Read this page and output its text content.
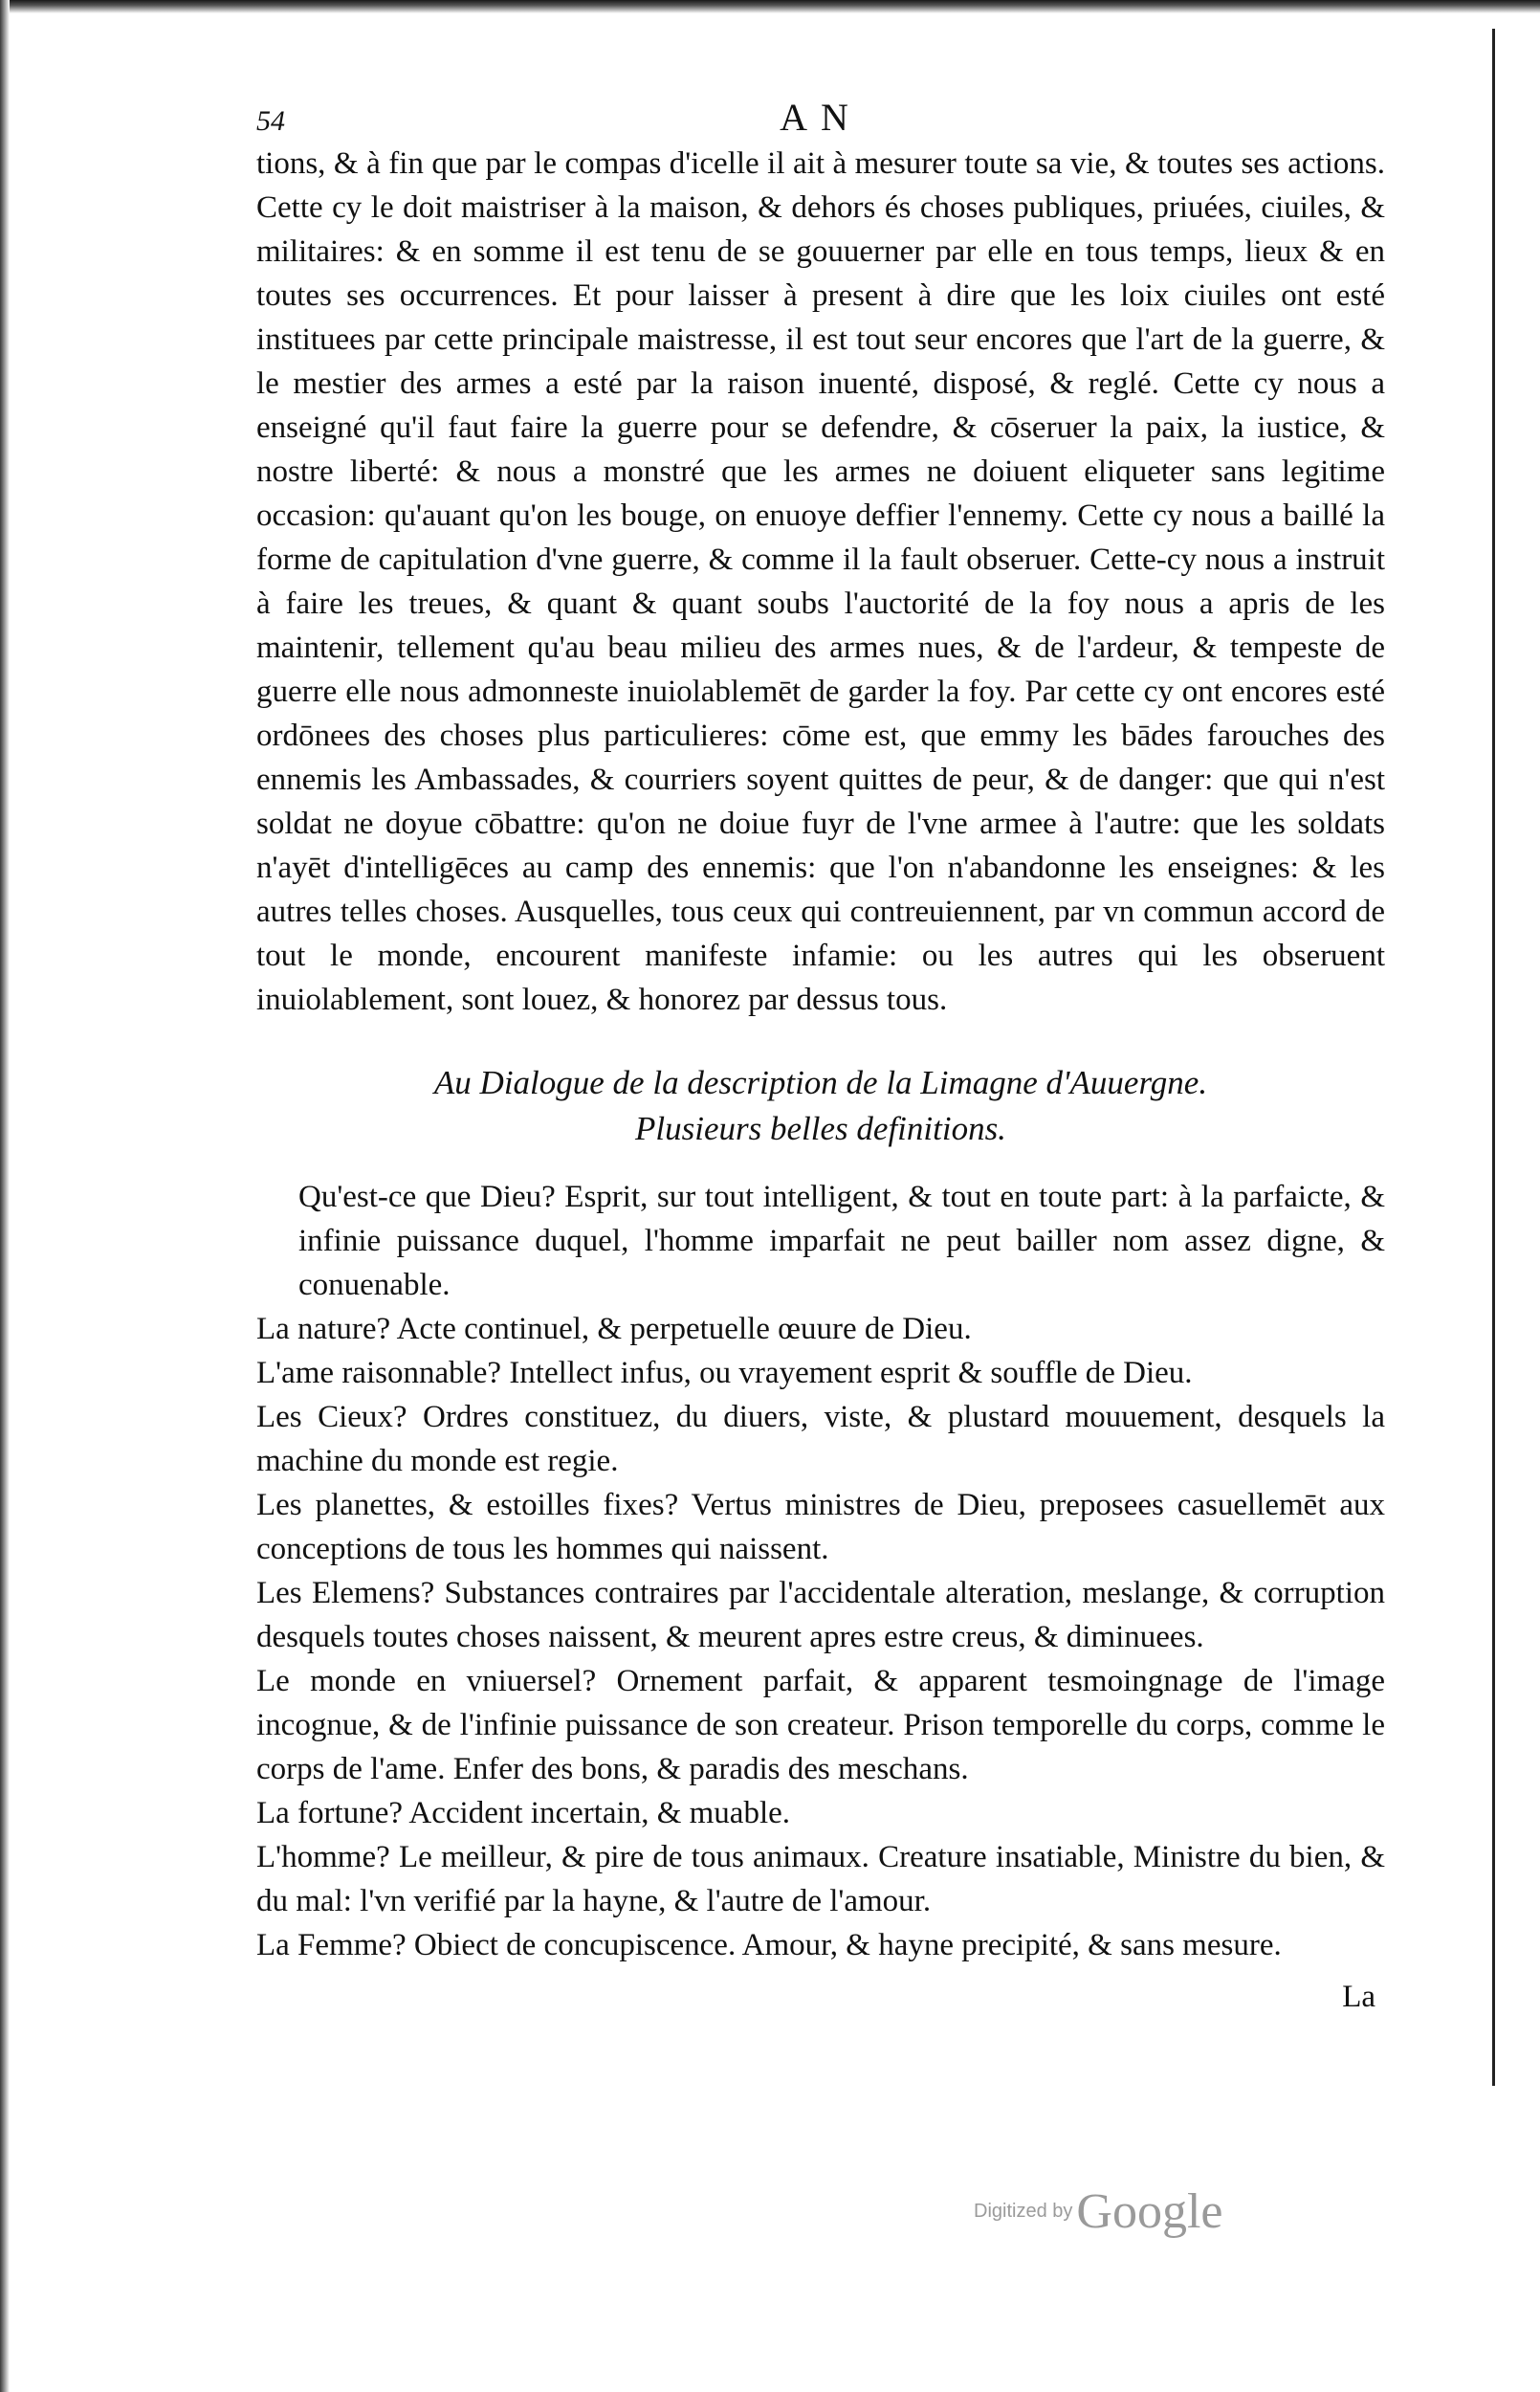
54	AN

tions, & à fin que par le compas d'icelle il ait à mesurer toute sa vie, & toutes ses actions. Cette cy le doit maistriser à la maison, & dehors és choses publiques, priuées, ciuiles, & militaires: & en somme il est tenu de se gouuerner par elle en tous temps, lieux & en toutes ses occurrences. Et pour laisser à present à dire que les loix ciuiles ont esté instituees par cette principale maistresse, il est tout seur encores que l'art de la guerre, & le mestier des armes a esté par la raison inuenté, disposé, & reglé. Cette cy nous a enseigné qu'il faut faire la guerre pour se defendre, & cōseruer la paix, la iustice, & nostre liberté: & nous a monstré que les armes ne doiuent eliqueter sans legitime occasion: qu'auant qu'on les bouge, on enuoye deffier l'ennemy. Cette cy nous a baillé la forme de capitulation d'vne guerre, & comme il la fault obseruer. Cette-cy nous a instruit à faire les treues, & quant & quant soubs l'auctorité de la foy nous a apris de les maintenir, tellement qu'au beau milieu des armes nues, & de l'ardeur, & tempeste de guerre elle nous admonneste inuiolablemēt de garder la foy. Par cette cy ont encores esté ordōnees des choses plus particulieres: cōme est, que emmy les bādes farouches des ennemis les Ambassades, & courriers soyent quittes de peur, & de danger: que qui n'est soldat ne doyue cōbattre: qu'on ne doiue fuyr de l'vne armee à l'autre: que les soldats n'ayēt d'intelligēces au camp des ennemis: que l'on n'abandonne les enseignes: & les autres telles choses. Ausquelles, tous ceux qui contreuiennent, par vn commun accord de tout le monde, encourent manifeste infamie: ou les autres qui les obseruent inuiolablement, sont louez, & honorez par dessus tous.

Au Dialogue de la description de la Limagne d'Auuergne.
Plusieurs belles definitions.

Qu'est-ce que Dieu? Esprit, sur tout intelligent, & tout en toute part: à la parfaicte, & infinie puissance duquel, l'homme imparfait ne peut bailler nom assez digne, & conuenable.

La nature? Acte continuel, & perpetuelle œuure de Dieu.

L'ame raisonnable? Intellect infus, ou vrayement esprit & souffle de Dieu.

Les Cieux? Ordres constituez, du diuers, viste, & plustard mouuement, desquels la machine du monde est regie.

Les planettes, & estoilles fixes? Vertus ministres de Dieu, preposees casuellemēt aux conceptions de tous les hommes qui naissent.

Les Elemens? Substances contraires par l'accidentale alteration, meslange, & corruption desquels toutes choses naissent, & meurent apres estre creus, & diminuees.

Le monde en vniuersel? Ornement parfait, & apparent tesmoingnage de l'image incognue, & de l'infinie puissance de son createur. Prison temporelle du corps, comme le corps de l'ame. Enfer des bons, & paradis des meschans.

La fortune? Accident incertain, & muable.

L'homme? Le meilleur, & pire de tous animaux. Creature insatiable, Ministre du bien, & du mal: l'vn verifié par la hayne, & l'autre de l'amour.

La Femme? Obiect de concupiscence. Amour, & hayne precipité, & sans mesure.

La
Digitized by Google
